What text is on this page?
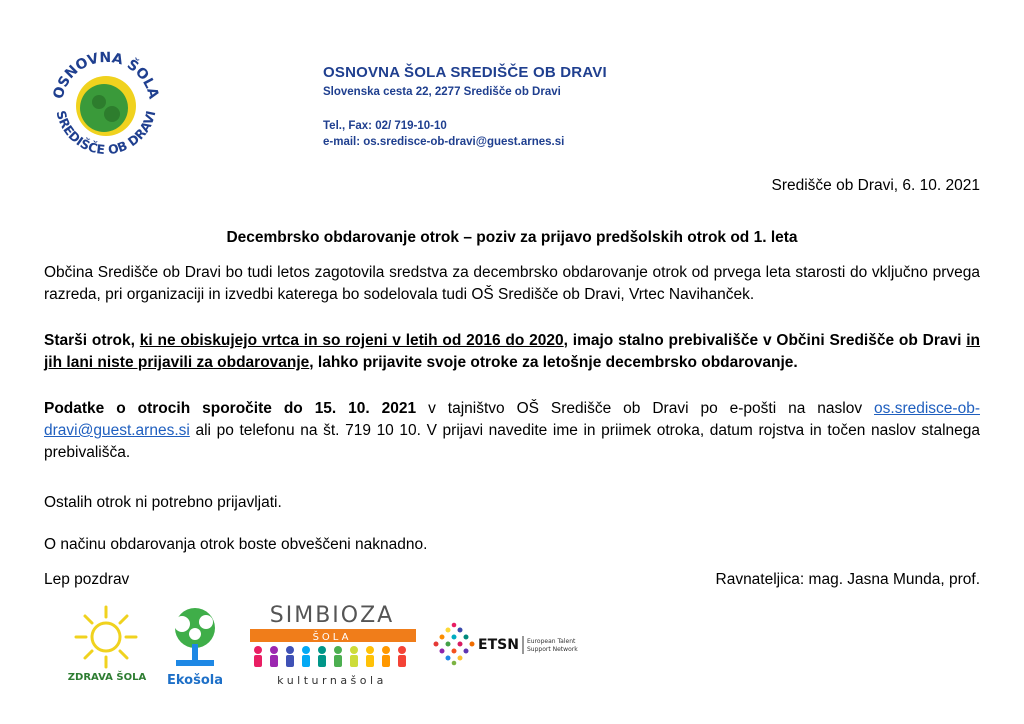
OSNOVNA ŠOLA
SREDIŠČE OB DRAVI
OSNOVNA ŠOLA SREDIŠČE OB DRAVI
Slovenska cesta 22, 2277 Središče ob Dravi
Tel., Fax: 02/ 719-10-10
e-mail: os.sredisce-ob-dravi@guest.arnes.si
Središče ob Dravi, 6. 10. 2021
Decembrsko obdarovanje otrok – poziv za prijavo predšolskih otrok od 1. leta
Občina Središče ob Dravi bo tudi letos zagotovila sredstva za decembrsko obdarovanje otrok od prvega leta starosti do vključno prvega razreda, pri organizaciji in izvedbi katerega bo sodelovala tudi OŠ Središče ob Dravi, Vrtec Navihanček.
Starši otrok, ki ne obiskujejo vrtca in so rojeni v letih od 2016 do 2020, imajo stalno prebivališče v Občini Središče ob Dravi in jih lani niste prijavili za obdarovanje, lahko prijavite svoje otroke za letošnje decembrsko obdarovanje.
Podatke o otrocih sporočite do 15. 10. 2021 v tajništvo OŠ Središče ob Dravi po e-pošti na naslov os.sredisce-ob-dravi@guest.arnes.si ali po telefonu na št. 719 10 10. V prijavi navedite ime in priimek otroka, datum rojstva in točen naslov stalnega prebivališča.
Ostalih otrok ni potrebno prijavljati.
O načinu obdarovanja otrok boste obveščeni naknadno.
Lep pozdrav	Ravnateljica: mag. Jasna Munda, prof.
ZDRAVA ŠOLA Ekošola
SIMBIOZA
ŠOLA
kulturnašola
ETSN European Talent
Support Network
